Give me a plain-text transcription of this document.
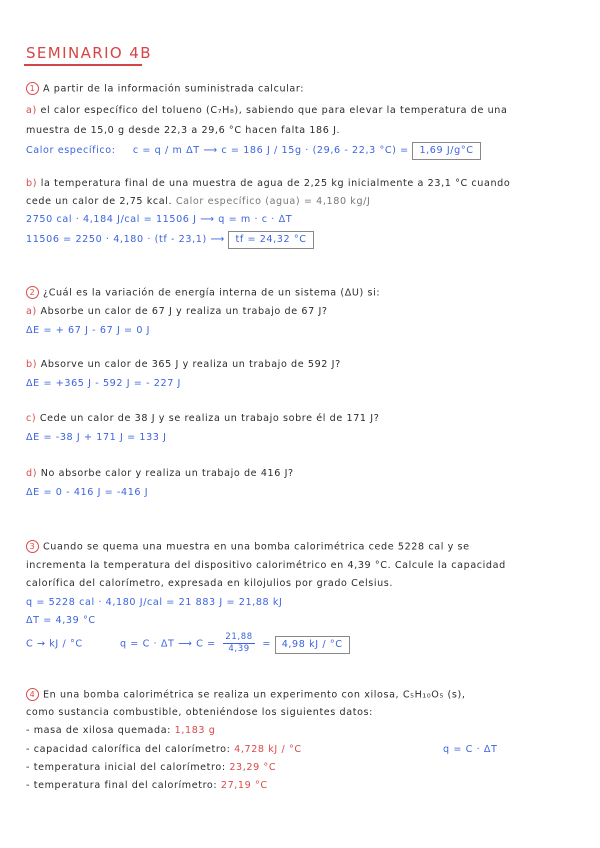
SEMINARIO 4B
1 A partir de la información suministrada calcular:
a) el calor específico del tolueno (C₇H₈), sabiendo que para elevar la temperatura de una
muestra de 15,0 g desde 22,3 a 29,6 °C hacen falta 186 J.
Calor específico: c = q / m ΔT ⟶ c = 186 J / 15g · (29,6 - 22,3 °C) = 1,69 J/g°C
b) la temperatura final de una muestra de agua de 2,25 kg inicialmente a 23,1 °C cuando
cede un calor de 2,75 kcal. Calor específico (agua) = 4,180 kg/J
2750 cal · 4,184 J/cal = 11506 J ⟶ q = m · c · ΔT
11506 = 2250 · 4,180 · (tf - 23,1) ⟶ tf = 24,32 °C
2 ¿Cuál es la variación de energía interna de un sistema (ΔU) si:
a) Absorbe un calor de 67 J y realiza un trabajo de 67 J?
ΔE = + 67 J - 67 J = 0 J
b) Absorve un calor de 365 J y realiza un trabajo de 592 J?
ΔE = +365 J - 592 J = - 227 J
c) Cede un calor de 38 J y se realiza un trabajo sobre él de 171 J?
ΔE = -38 J + 171 J = 133 J
d) No absorbe calor y realiza un trabajo de 416 J?
ΔE = 0 - 416 J = -416 J
3 Cuando se quema una muestra en una bomba calorimétrica cede 5228 cal y se
incrementa la temperatura del dispositivo calorimétrico en 4,39 °C. Calcule la capacidad
calorífica del calorímetro, expresada en kilojulios por grado Celsius.
q = 5228 cal · 4,180 J/cal = 21 883 J = 21,88 kJ
ΔT = 4,39 °C
C → kJ / °C	q = C · ΔT ⟶ $C = \frac{21,88}{4,39} = 4,98$ kJ / °C
4 En una bomba calorimétrica se realiza un experimento con xilosa, C₅H₁₀O₅ (s),
como sustancia combustible, obteniéndose los siguientes datos:
- masa de xilosa quemada: 1,183 g
- capacidad calorífica del calorímetro: 4,728 kJ / °C	q = C · ΔT
- temperatura inicial del calorímetro: 23,29 °C
- temperatura final del calorímetro: 27,19 °C
